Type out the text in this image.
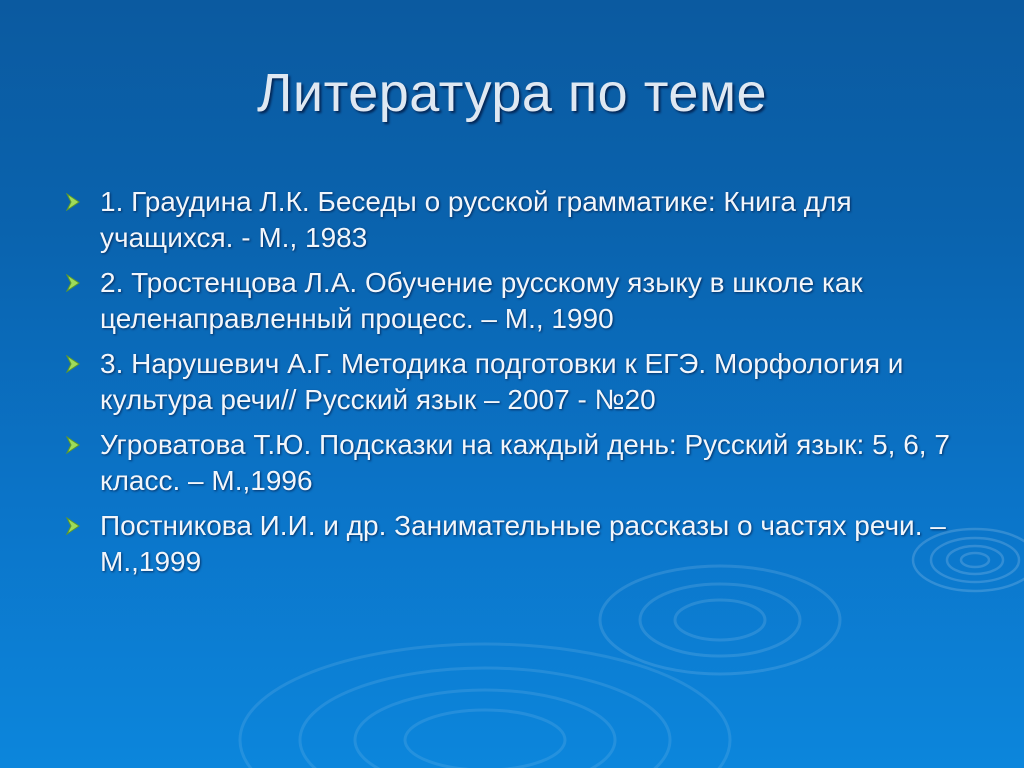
Литература по теме
1. Граудина Л.К. Беседы о русской грамматике: Книга для учащихся. - М., 1983
2. Тростенцова Л.А. Обучение русскому языку в школе как целенаправленный процесс. – М., 1990
3. Нарушевич А.Г. Методика подготовки к ЕГЭ. Морфология и культура речи// Русский язык – 2007 - №20
Угроватова Т.Ю. Подсказки на каждый день: Русский язык: 5, 6, 7 класс. – М.,1996
Постникова И.И. и др. Занимательные рассказы о частях речи. – М.,1999
